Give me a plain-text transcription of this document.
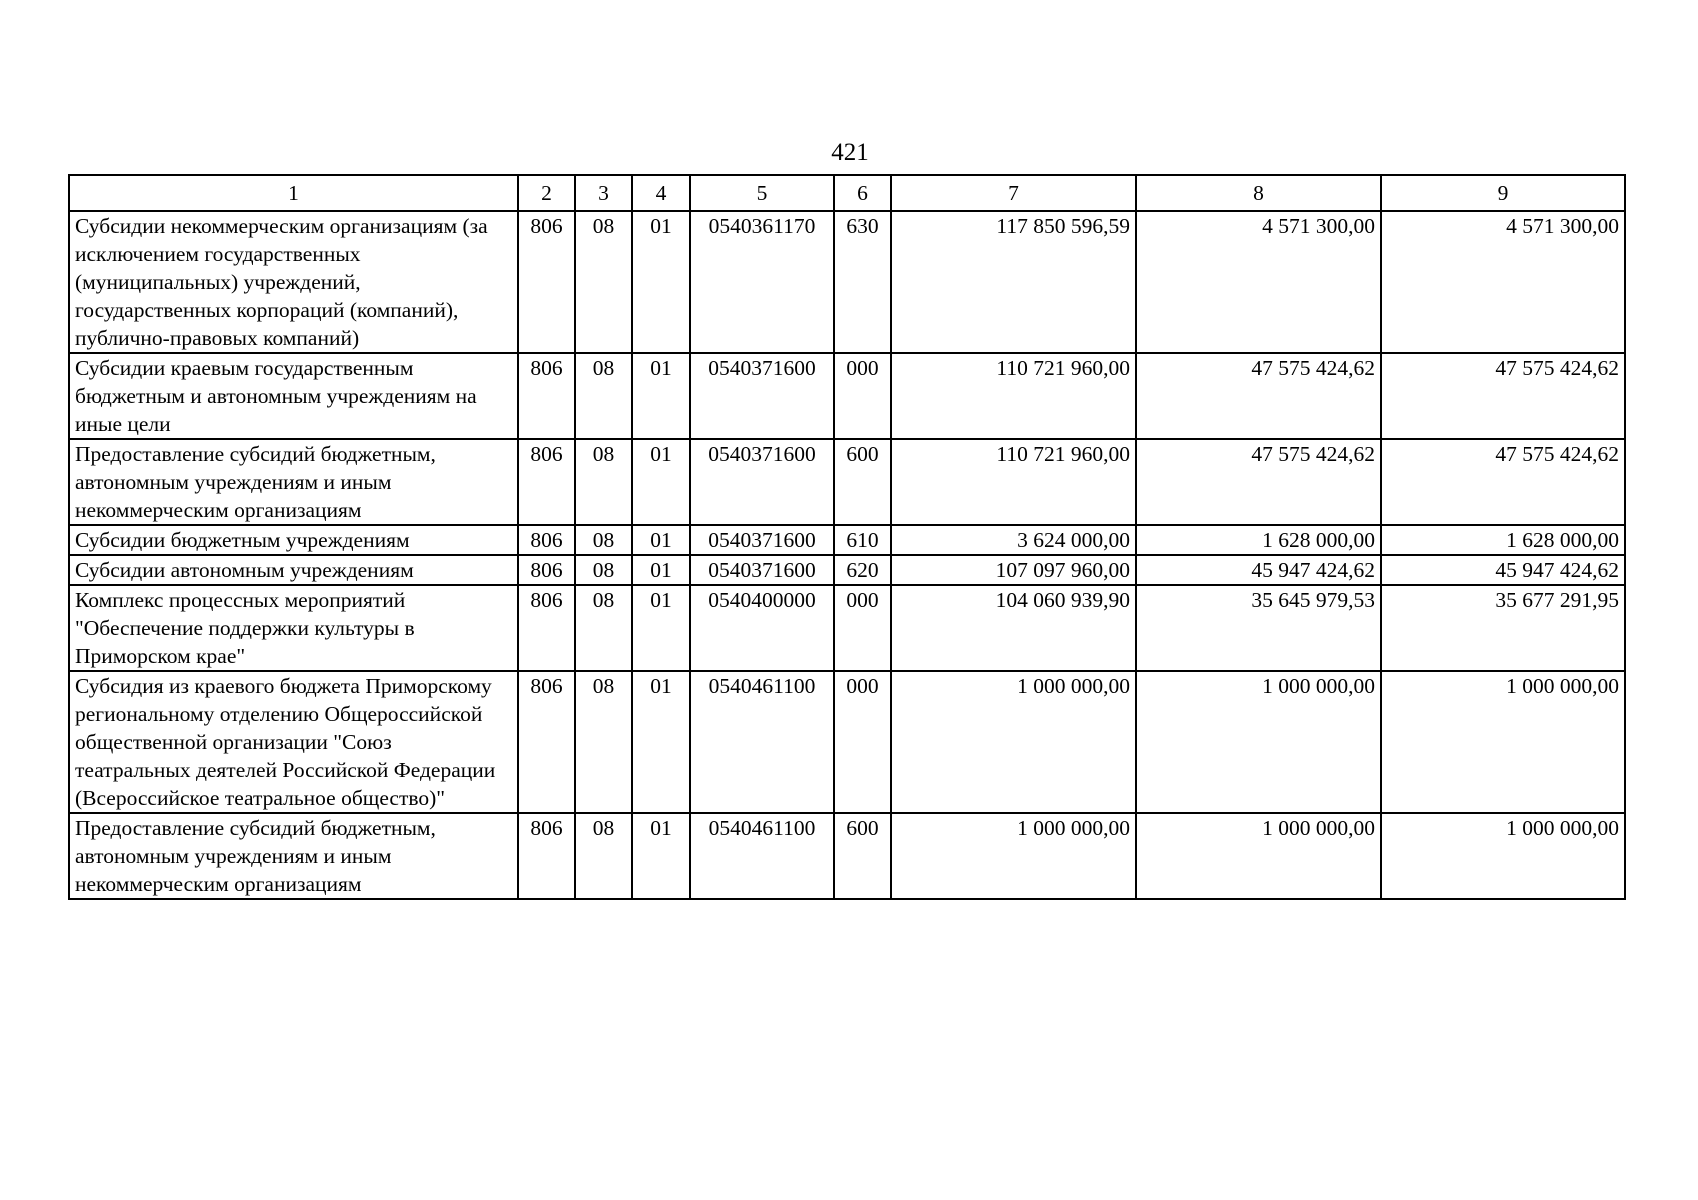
421
1	2	3	4	5	6	7	8	9
Субсидии некоммерческим организациям (за исключением государственных (муниципальных) учреждений, государственных корпораций (компаний), публично-правовых компаний)	806	08	01	0540361170	630	117 850 596,59	4 571 300,00	4 571 300,00
Субсидии краевым государственным бюджетным и автономным учреждениям на иные цели	806	08	01	0540371600	000	110 721 960,00	47 575 424,62	47 575 424,62
Предоставление субсидий бюджетным, автономным учреждениям и иным некоммерческим организациям	806	08	01	0540371600	600	110 721 960,00	47 575 424,62	47 575 424,62
Субсидии бюджетным учреждениям	806	08	01	0540371600	610	3 624 000,00	1 628 000,00	1 628 000,00
Субсидии автономным учреждениям	806	08	01	0540371600	620	107 097 960,00	45 947 424,62	45 947 424,62
Комплекс процессных мероприятий "Обеспечение поддержки культуры в Приморском крае"	806	08	01	0540400000	000	104 060 939,90	35 645 979,53	35 677 291,95
Субсидия из краевого бюджета Приморскому региональному отделению Общероссийской общественной организации "Союз театральных деятелей Российской Федерации (Всероссийское театральное общество)"	806	08	01	0540461100	000	1 000 000,00	1 000 000,00	1 000 000,00
Предоставление субсидий бюджетным, автономным учреждениям и иным некоммерческим организациям	806	08	01	0540461100	600	1 000 000,00	1 000 000,00	1 000 000,00
